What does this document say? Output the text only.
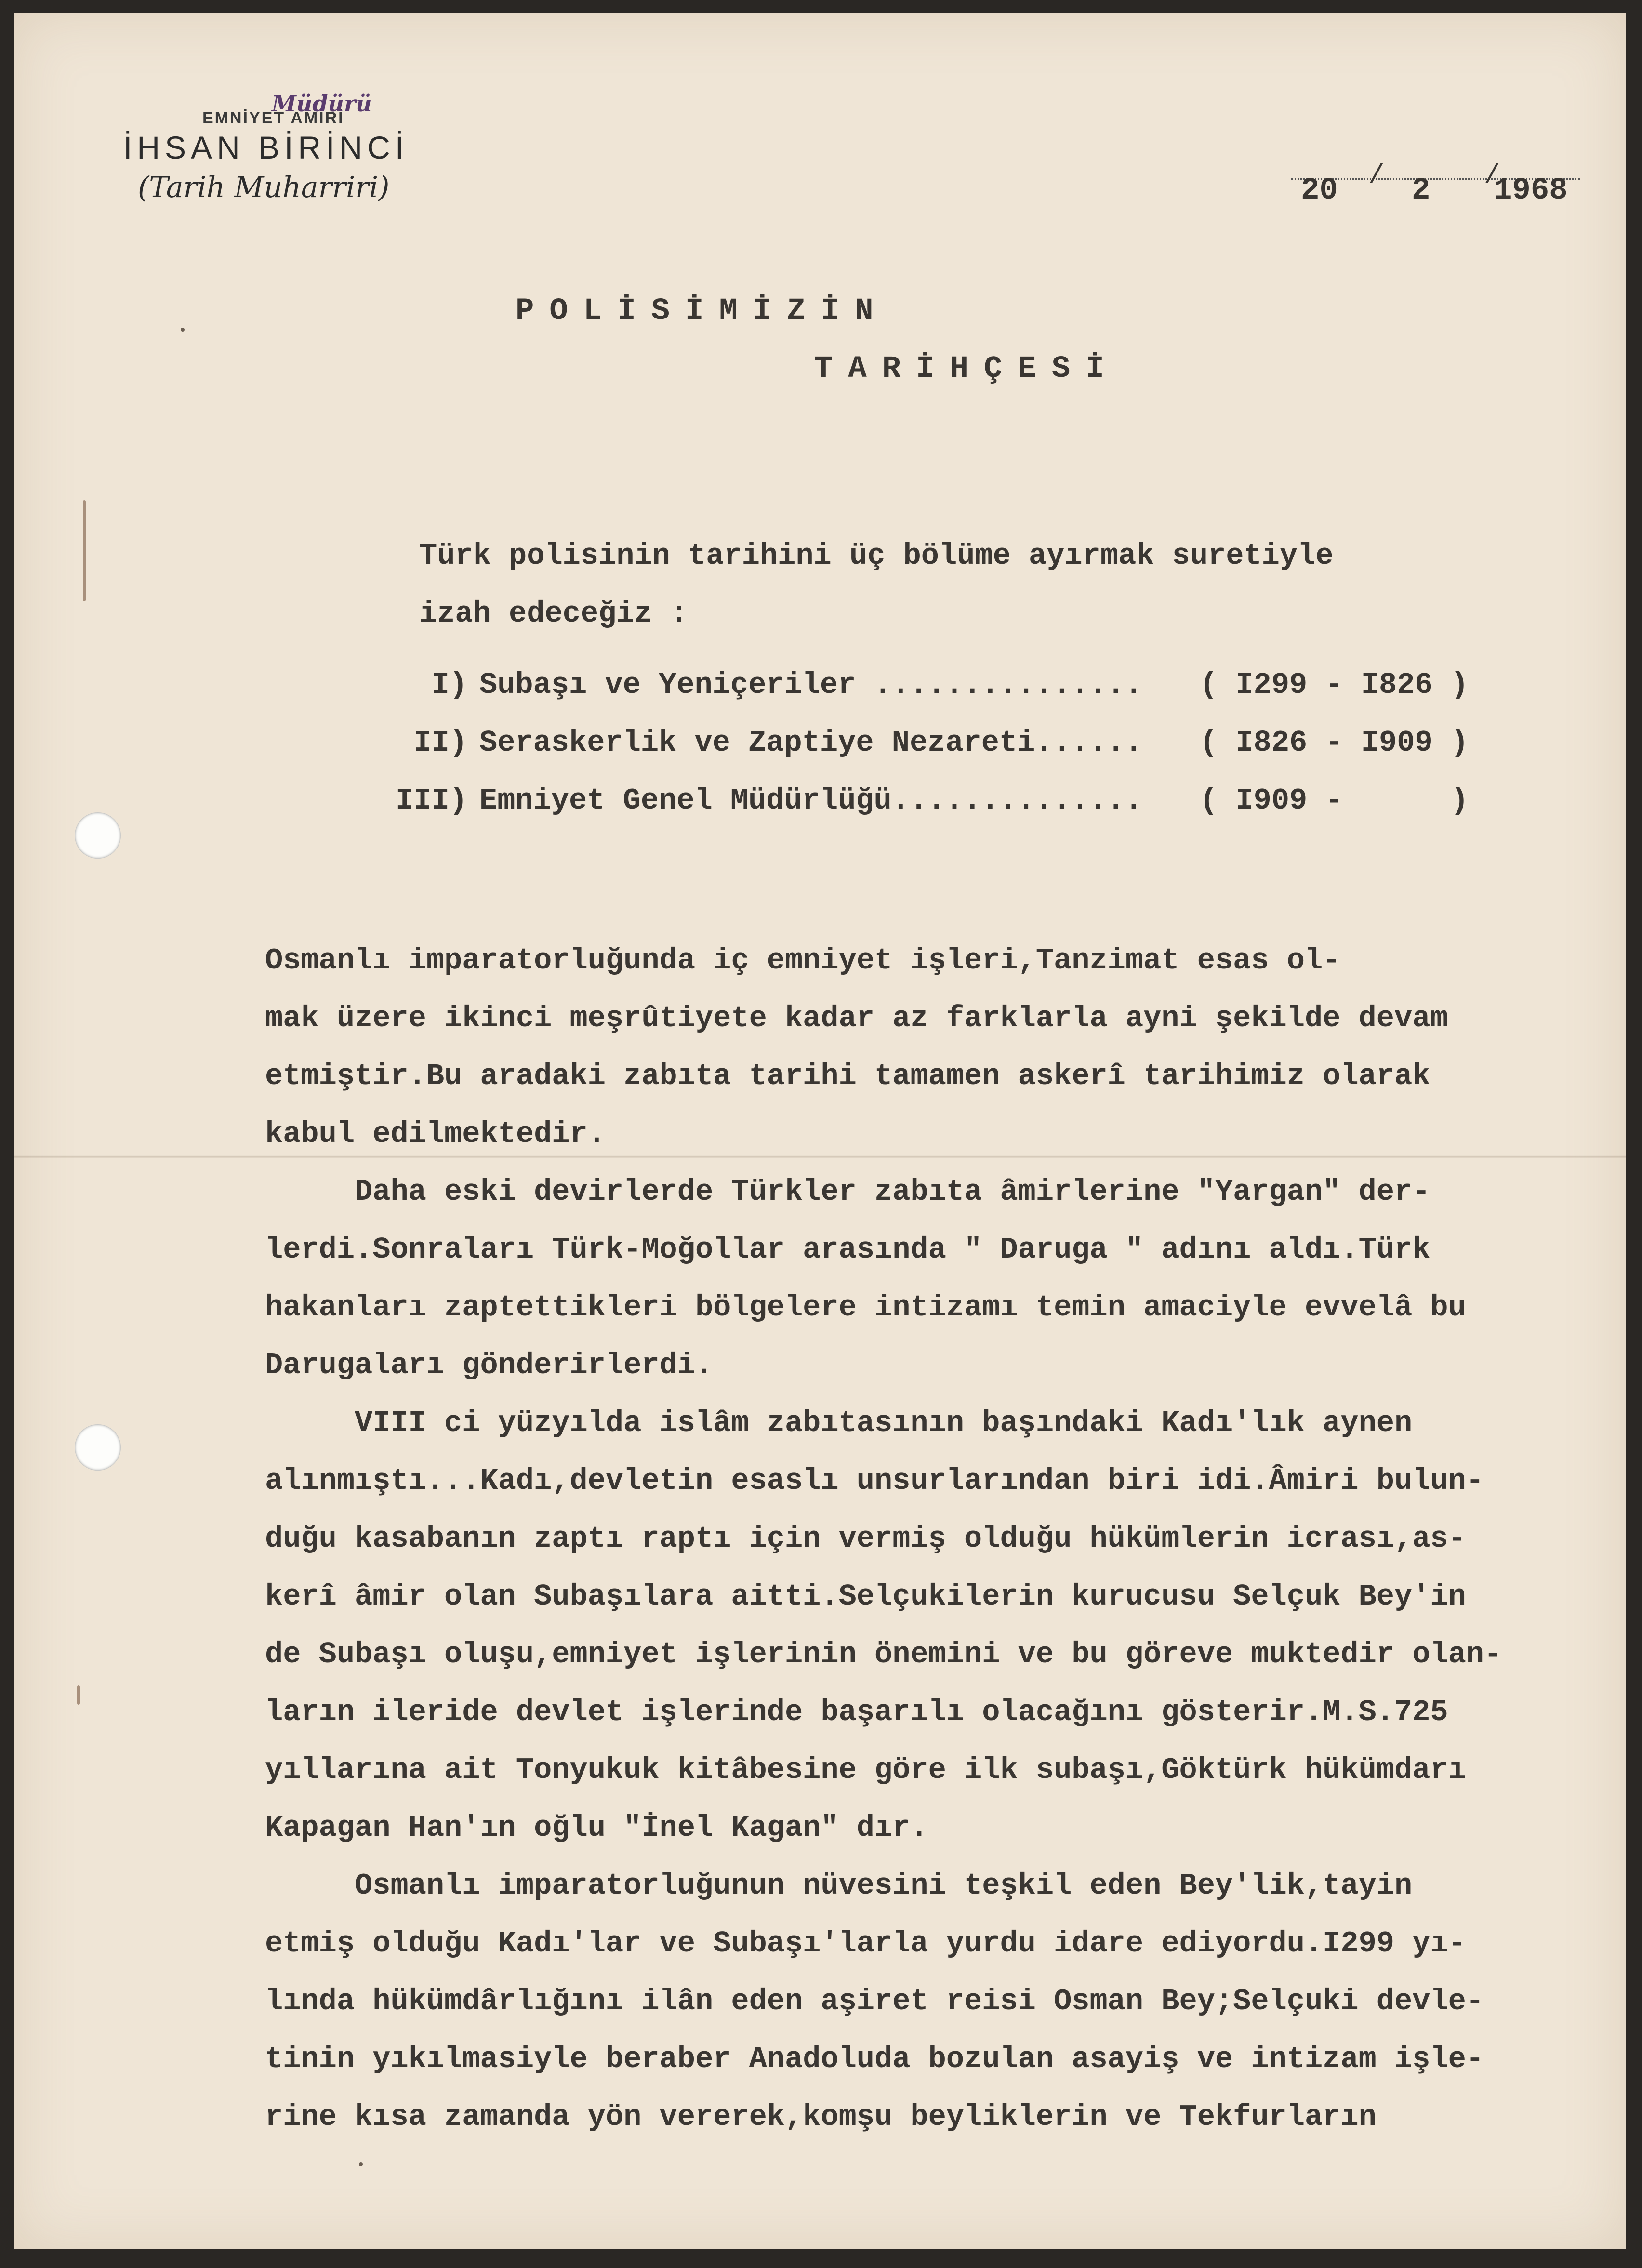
EMNİYET AMİRİ
Müdürü
İHSAN BİRİNCİ
(Tarih Muharriri)	/	/
20 2 1968
POLİSİMİZİN
TARİHÇESİ
Türk polisinin tarihini üç bölüme ayırmak suretiyle
izah edeceğiz :
I) Subaşı ve Yeniçeriler ............... ( I299 - I826 )
II) Seraskerlik ve Zaptiye Nezareti...... ( I826 - I909 )
III) Emniyet Genel Müdürlüğü.............. ( I909 -      )
Osmanlı imparatorluğunda iç emniyet işleri,Tanzimat esas ol-
mak üzere ikinci meşrûtiyete kadar az farklarla ayni şekilde devam
etmiştir.Bu aradaki zabıta tarihi tamamen askerî tarihimiz olarak
kabul edilmektedir.
Daha eski devirlerde Türkler zabıta âmirlerine "Yargan" der-
lerdi.Sonraları Türk-Moğollar arasında " Daruga " adını aldı.Türk
hakanları zaptettikleri bölgelere intizamı temin amaciyle evvelâ bu
Darugaları gönderirlerdi.
VIII ci yüzyılda islâm zabıtasının başındaki Kadı'lık aynen
alınmıştı...Kadı,devletin esaslı unsurlarından biri idi.Âmiri bulun-
duğu kasabanın zaptı raptı için vermiş olduğu hükümlerin icrası,as-
kerî âmir olan Subaşılara aitti.Selçukilerin kurucusu Selçuk Bey'in
de Subaşı oluşu,emniyet işlerinin önemini ve bu göreve muktedir olan-
ların ileride devlet işlerinde başarılı olacağını gösterir.M.S.725
yıllarına ait Tonyukuk kitâbesine göre ilk subaşı,Göktürk hükümdarı
Kapagan Han'ın oğlu "İnel Kagan" dır.
Osmanlı imparatorluğunun nüvesini teşkil eden Bey'lik,tayin
etmiş olduğu Kadı'lar ve Subaşı'larla yurdu idare ediyordu.I299 yı-
lında hükümdârlığını ilân eden aşiret reisi Osman Bey;Selçuki devle-
tinin yıkılmasiyle beraber Anadoluda bozulan asayiş ve intizam işle-
rine kısa zamanda yön vererek,komşu beyliklerin ve Tekfurların
